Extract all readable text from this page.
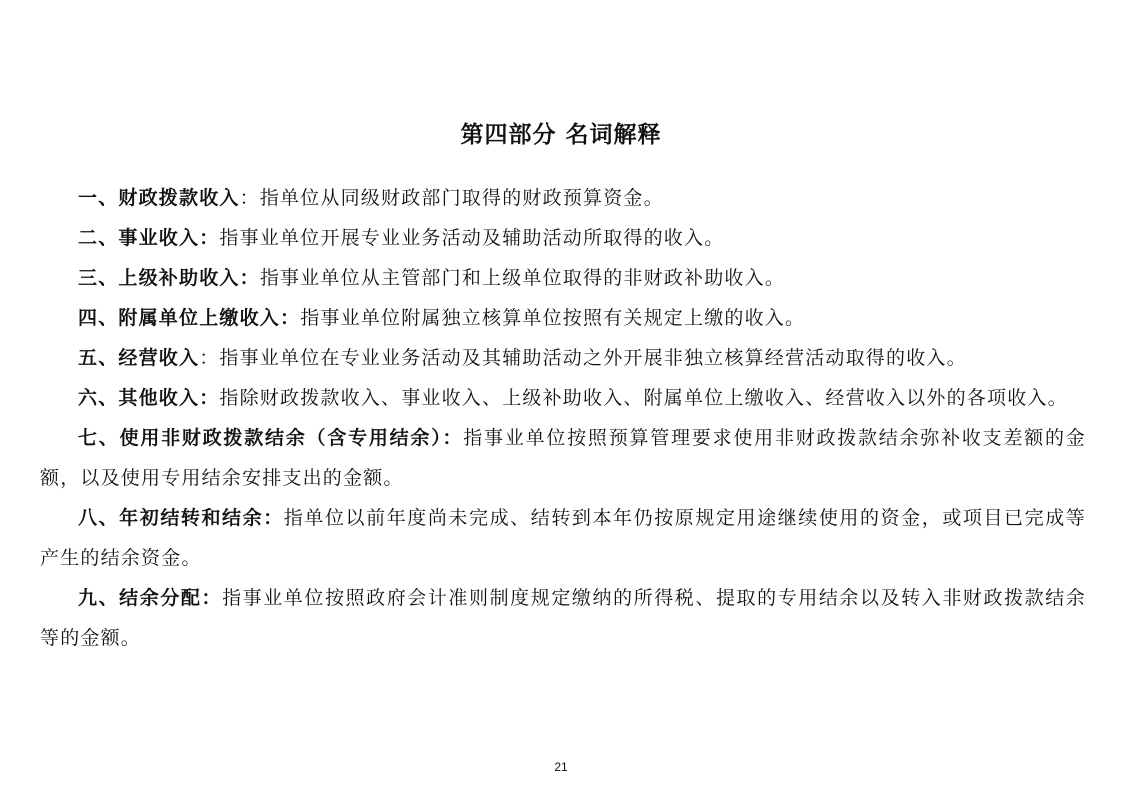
第四部分 名词解释

一、财政拨款收入：指单位从同级财政部门取得的财政预算资金。

二、事业收入：指事业单位开展专业业务活动及辅助活动所取得的收入。

三、上级补助收入：指事业单位从主管部门和上级单位取得的非财政补助收入。

四、附属单位上缴收入：指事业单位附属独立核算单位按照有关规定上缴的收入。

五、经营收入：指事业单位在专业业务活动及其辅助活动之外开展非独立核算经营活动取得的收入。

六、其他收入：指除财政拨款收入、事业收入、上级补助收入、附属单位上缴收入、经营收入以外的各项收入。

七、使用非财政拨款结余（含专用结余）：指事业单位按照预算管理要求使用非财政拨款结余弥补收支差额的金额，以及使用专用结余安排支出的金额。

八、年初结转和结余：指单位以前年度尚未完成、结转到本年仍按原规定用途继续使用的资金，或项目已完成等产生的结余资金。

九、结余分配：指事业单位按照政府会计准则制度规定缴纳的所得税、提取的专用结余以及转入非财政拨款结余等的金额。

21
